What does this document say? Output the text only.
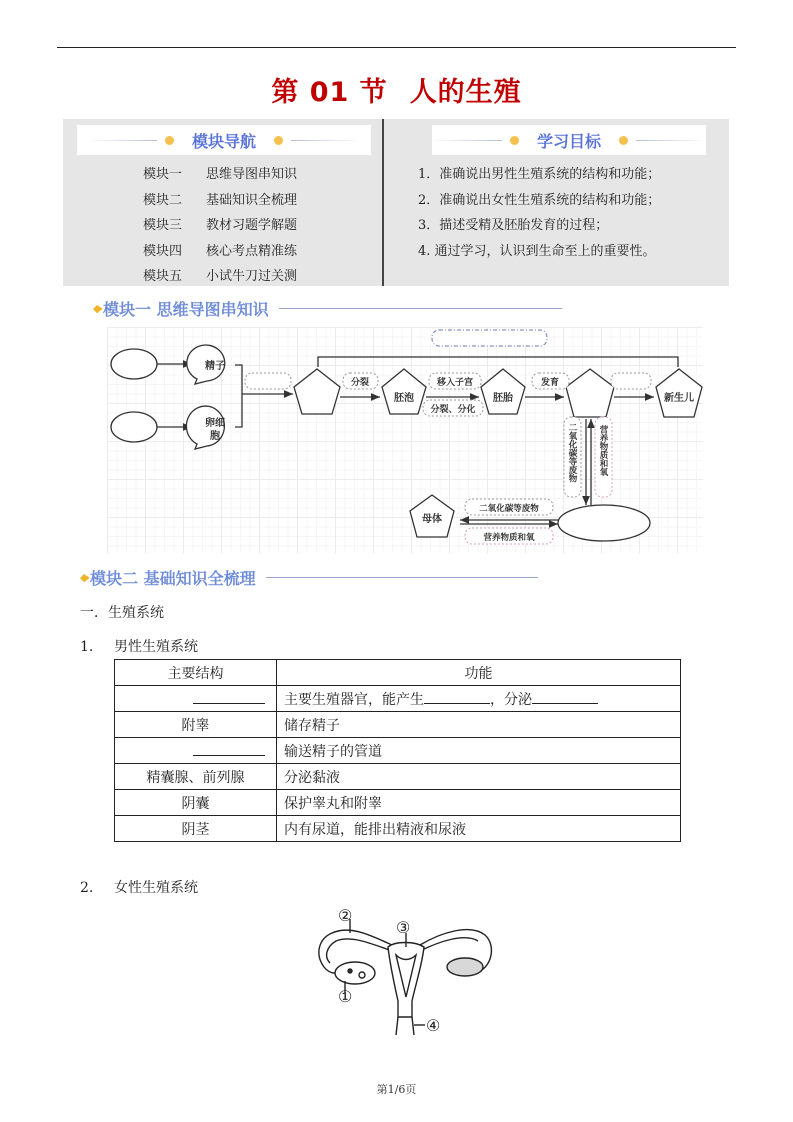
第 01 节 人的生殖
模块导航	学习目标
模块一 思维导图串知识
模块二 基础知识全梳理
模块三 教材习题学解题
模块四 核心考点精准练
模块五 小试牛刀过关测
1．准确说出男性生殖系统的结构和功能；
2．准确说出女性生殖系统的结构和功能；
3．描述受精及胚胎发育的过程；
4. 通过学习，认识到生命至上的重要性。
◆› 模块一 思维导图串知识
精子
卵细
胞
胚泡	胚胎	新生儿
母体
分裂	移入子宫
分裂、分化
发育
二氧化碳等废物
营养物质和氧
二氧化碳等废物 营养物质和氧
◆› 模块二 基础知识全梳理
一．生殖系统
1. 男性生殖系统
主要结构	功能
	主要生殖器官，能产生 ，分泌
附睾	储存精子
	输送精子的管道
精囊腺、前列腺	分泌黏液
阴囊	保护睾丸和附睾
阴茎	内有尿道，能排出精液和尿液
2. 女性生殖系统
①
②
③
④
第1/6页
